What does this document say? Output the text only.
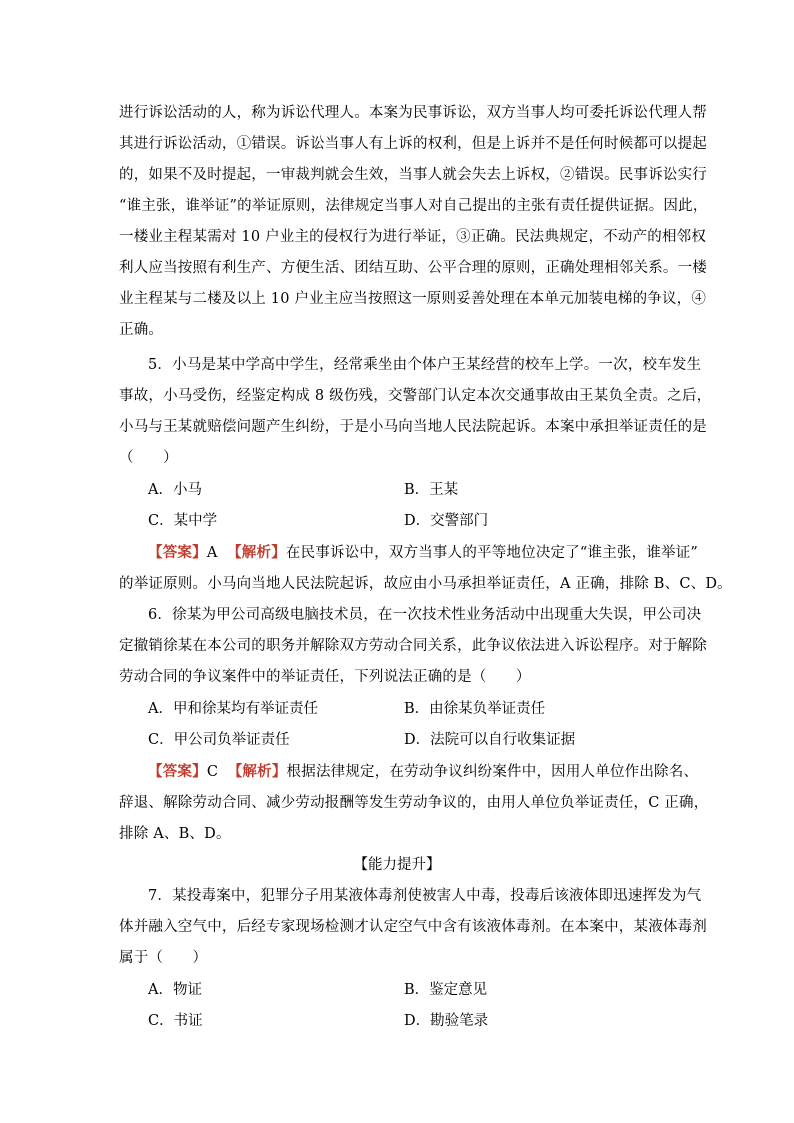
进行诉讼活动的人，称为诉讼代理人。本案为民事诉讼，双方当事人均可委托诉讼代理人帮
其进行诉讼活动，①错误。诉讼当事人有上诉的权利，但是上诉并不是任何时候都可以提起
的，如果不及时提起，一审裁判就会生效，当事人就会失去上诉权，②错误。民事诉讼实行
“谁主张，谁举证”的举证原则，法律规定当事人对自己提出的主张有责任提供证据。因此，
一楼业主程某需对 10 户业主的侵权行为进行举证，③正确。民法典规定，不动产的相邻权
利人应当按照有利生产、方便生活、团结互助、公平合理的原则，正确处理相邻关系。一楼
业主程某与二楼及以上 10 户业主应当按照这一原则妥善处理在本单元加装电梯的争议，④
正确。
5．小马是某中学高中学生，经常乘坐由个体户王某经营的校车上学。一次，校车发生
事故，小马受伤，经鉴定构成 8 级伤残，交警部门认定本次交通事故由王某负全责。之后，
小马与王某就赔偿问题产生纠纷，于是小马向当地人民法院起诉。本案中承担举证责任的是
（　　）
A．小马	B．王某
C．某中学	D．交警部门
【答案】A 【解析】在民事诉讼中，双方当事人的平等地位决定了“谁主张，谁举证”
的举证原则。小马向当地人民法院起诉，故应由小马承担举证责任，A 正确，排除 B、C、D。
6．徐某为甲公司高级电脑技术员，在一次技术性业务活动中出现重大失误，甲公司决
定撤销徐某在本公司的职务并解除双方劳动合同关系，此争议依法进入诉讼程序。对于解除
劳动合同的争议案件中的举证责任，下列说法正确的是（　　）
A．甲和徐某均有举证责任	B．由徐某负举证责任
C．甲公司负举证责任	D．法院可以自行收集证据
【答案】C 【解析】根据法律规定，在劳动争议纠纷案件中，因用人单位作出除名、
辞退、解除劳动合同、减少劳动报酬等发生劳动争议的，由用人单位负举证责任，C 正确，
排除 A、B、D。
【能力提升】
7．某投毒案中，犯罪分子用某液体毒剂使被害人中毒，投毒后该液体即迅速挥发为气
体并融入空气中，后经专家现场检测才认定空气中含有该液体毒剂。在本案中，某液体毒剂
属于（　　）
A．物证	B．鉴定意见
C．书证	D．勘验笔录
